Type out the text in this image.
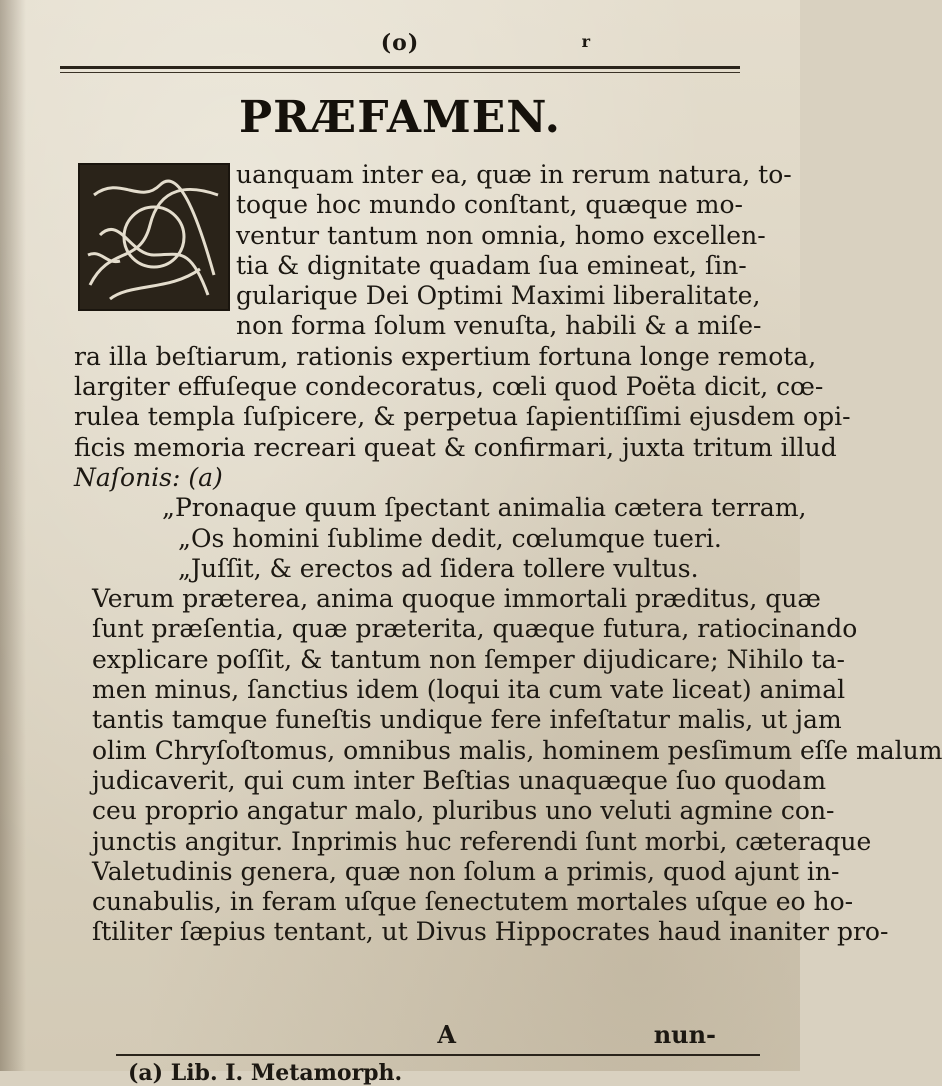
(o)	r
PRÆFAMEN.
uanquam inter ea, quæ in rerum natura, to-
toque hoc mundo conſtant, quæque mo-
ventur tantum non omnia, homo excellen-
tia & dignitate quadam ſua emineat, ſin-
gularique Dei Optimi Maximi liberalitate,
non forma ſolum venuſta, habili & a miſe-
ra illa beſtiarum, rationis expertium fortuna longe remota,
largiter effuſeque condecoratus, cœli quod Poëta dicit, cœ-
rulea templa ſuſpicere, & perpetua ſapientiſſimi ejusdem opi-
ficis memoria recreari queat & confirmari, juxta tritum illud
Naſonis: (a)
„Pronaque quum ſpectant animalia cætera terram,
„Os homini ſublime dedit, cœlumque tueri.
„Juſſit, & erectos ad ſidera tollere vultus.
Verum præterea, anima quoque immortali præditus, quæ
ſunt præſentia, quæ præterita, quæque futura, ratiocinando
explicare poſſit, & tantum non ſemper dijudicare; Nihilo ta-
men minus, ſanctius idem (loqui ita cum vate liceat) animal
tantis tamque funeſtis undique fere infeſtatur malis, ut jam
olim Chryſoſtomus, omnibus malis, hominem pesſimum eſſe malum
judicaverit, qui cum inter Beſtias unaquæque ſuo quodam
ceu proprio angatur malo, pluribus uno veluti agmine con-
junctis angitur. Inprimis huc referendi ſunt morbi, cæteraque
Valetudinis genera, quæ non ſolum a primis, quod ajunt in-
cunabulis, in feram uſque ſenectutem mortales uſque eo ho-
ſtiliter ſæpius tentant, ut Divus Hippocrates haud inaniter pro-
A	nun-
(a) Lib. I. Metamorph.
